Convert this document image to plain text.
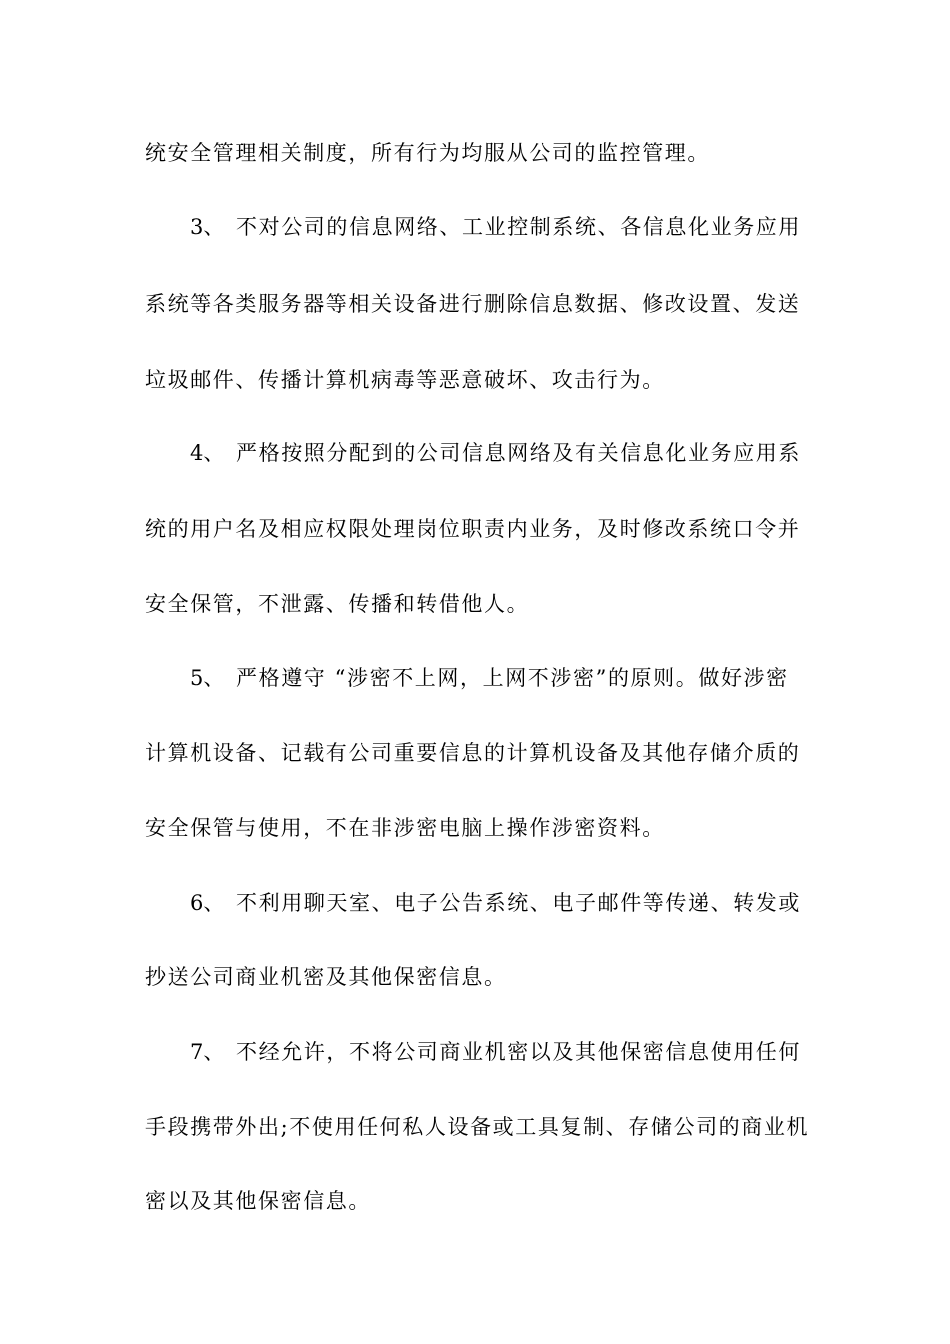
统安全管理相关制度，所有行为均服从公司的监控管理。
3、 不对公司的信息网络、工业控制系统、各信息化业务应用
系统等各类服务器等相关设备进行删除信息数据、修改设置、发送
垃圾邮件、传播计算机病毒等恶意破坏、攻击行为。
4、 严格按照分配到的公司信息网络及有关信息化业务应用系
统的用户名及相应权限处理岗位职责内业务，及时修改系统口令并
安全保管，不泄露、传播和转借他人。
5、 严格遵守 “涉密不上网，上网不涉密”的原则。做好涉密
计算机设备、记载有公司重要信息的计算机设备及其他存储介质的
安全保管与使用，不在非涉密电脑上操作涉密资料。
6、 不利用聊天室、电子公告系统、电子邮件等传递、转发或
抄送公司商业机密及其他保密信息。
7、 不经允许，不将公司商业机密以及其他保密信息使用任何
手段携带外出;不使用任何私人设备或工具复制、存储公司的商业机
密以及其他保密信息。
